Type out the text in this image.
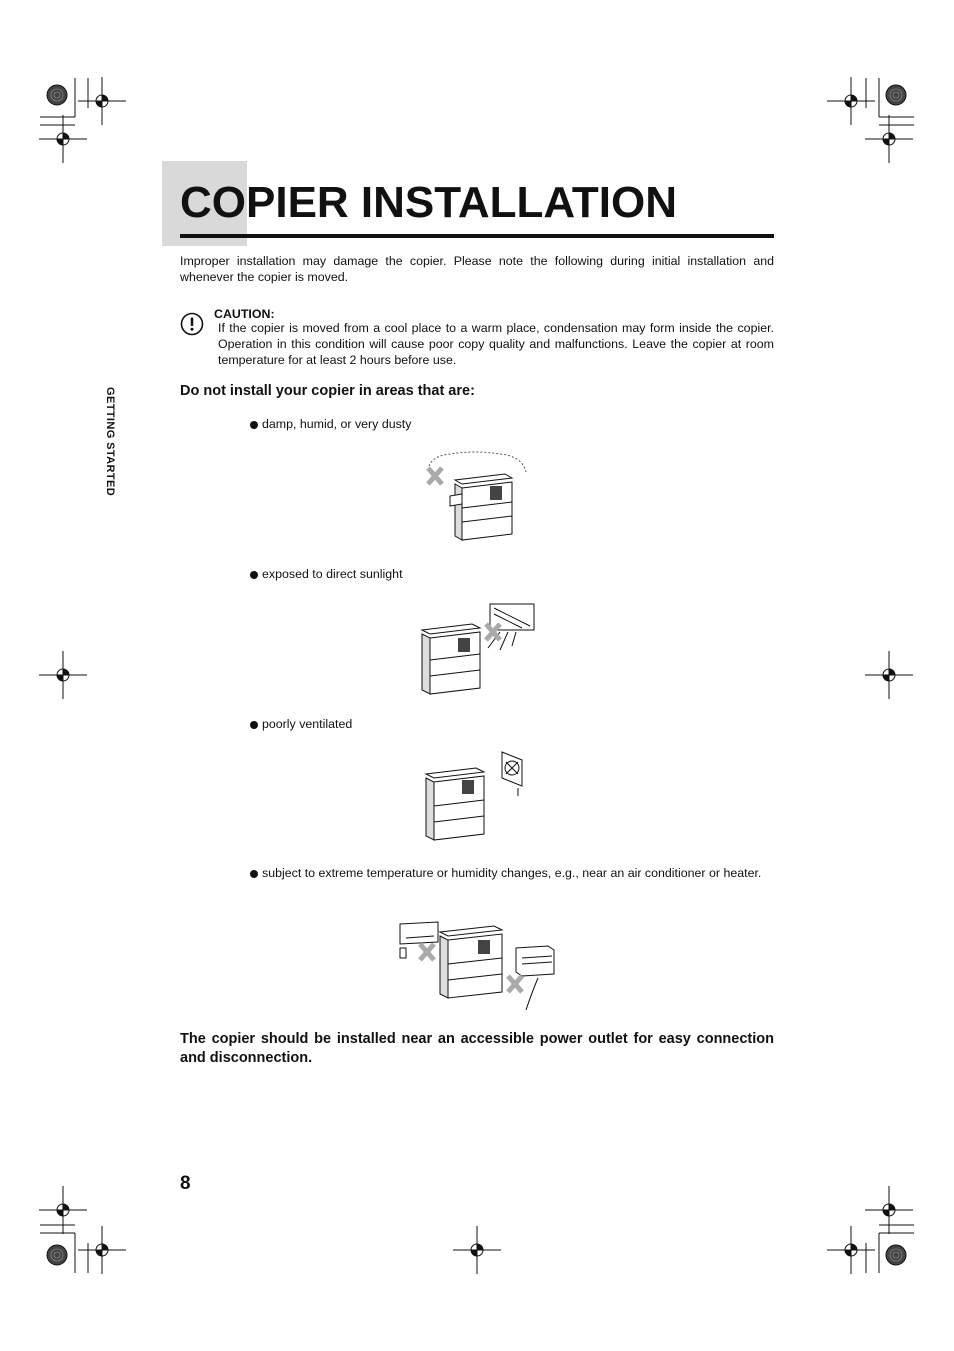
COPIER INSTALLATION
GETTING STARTED
Improper installation may damage the copier. Please note the following during initial installation and whenever the copier is moved.
CAUTION:
If the copier is moved from a cool place to a warm place, condensation may form inside the copier. Operation in this condition will cause poor copy quality and malfunctions. Leave the copier at room temperature for at least 2 hours before use.
Do not install your copier in areas that are:
damp, humid, or very dusty
exposed to direct sunlight
poorly ventilated
subject to extreme temperature or humidity changes, e.g., near an air conditioner or heater.
The copier should be installed near an accessible power outlet for easy connection and disconnection.
8
